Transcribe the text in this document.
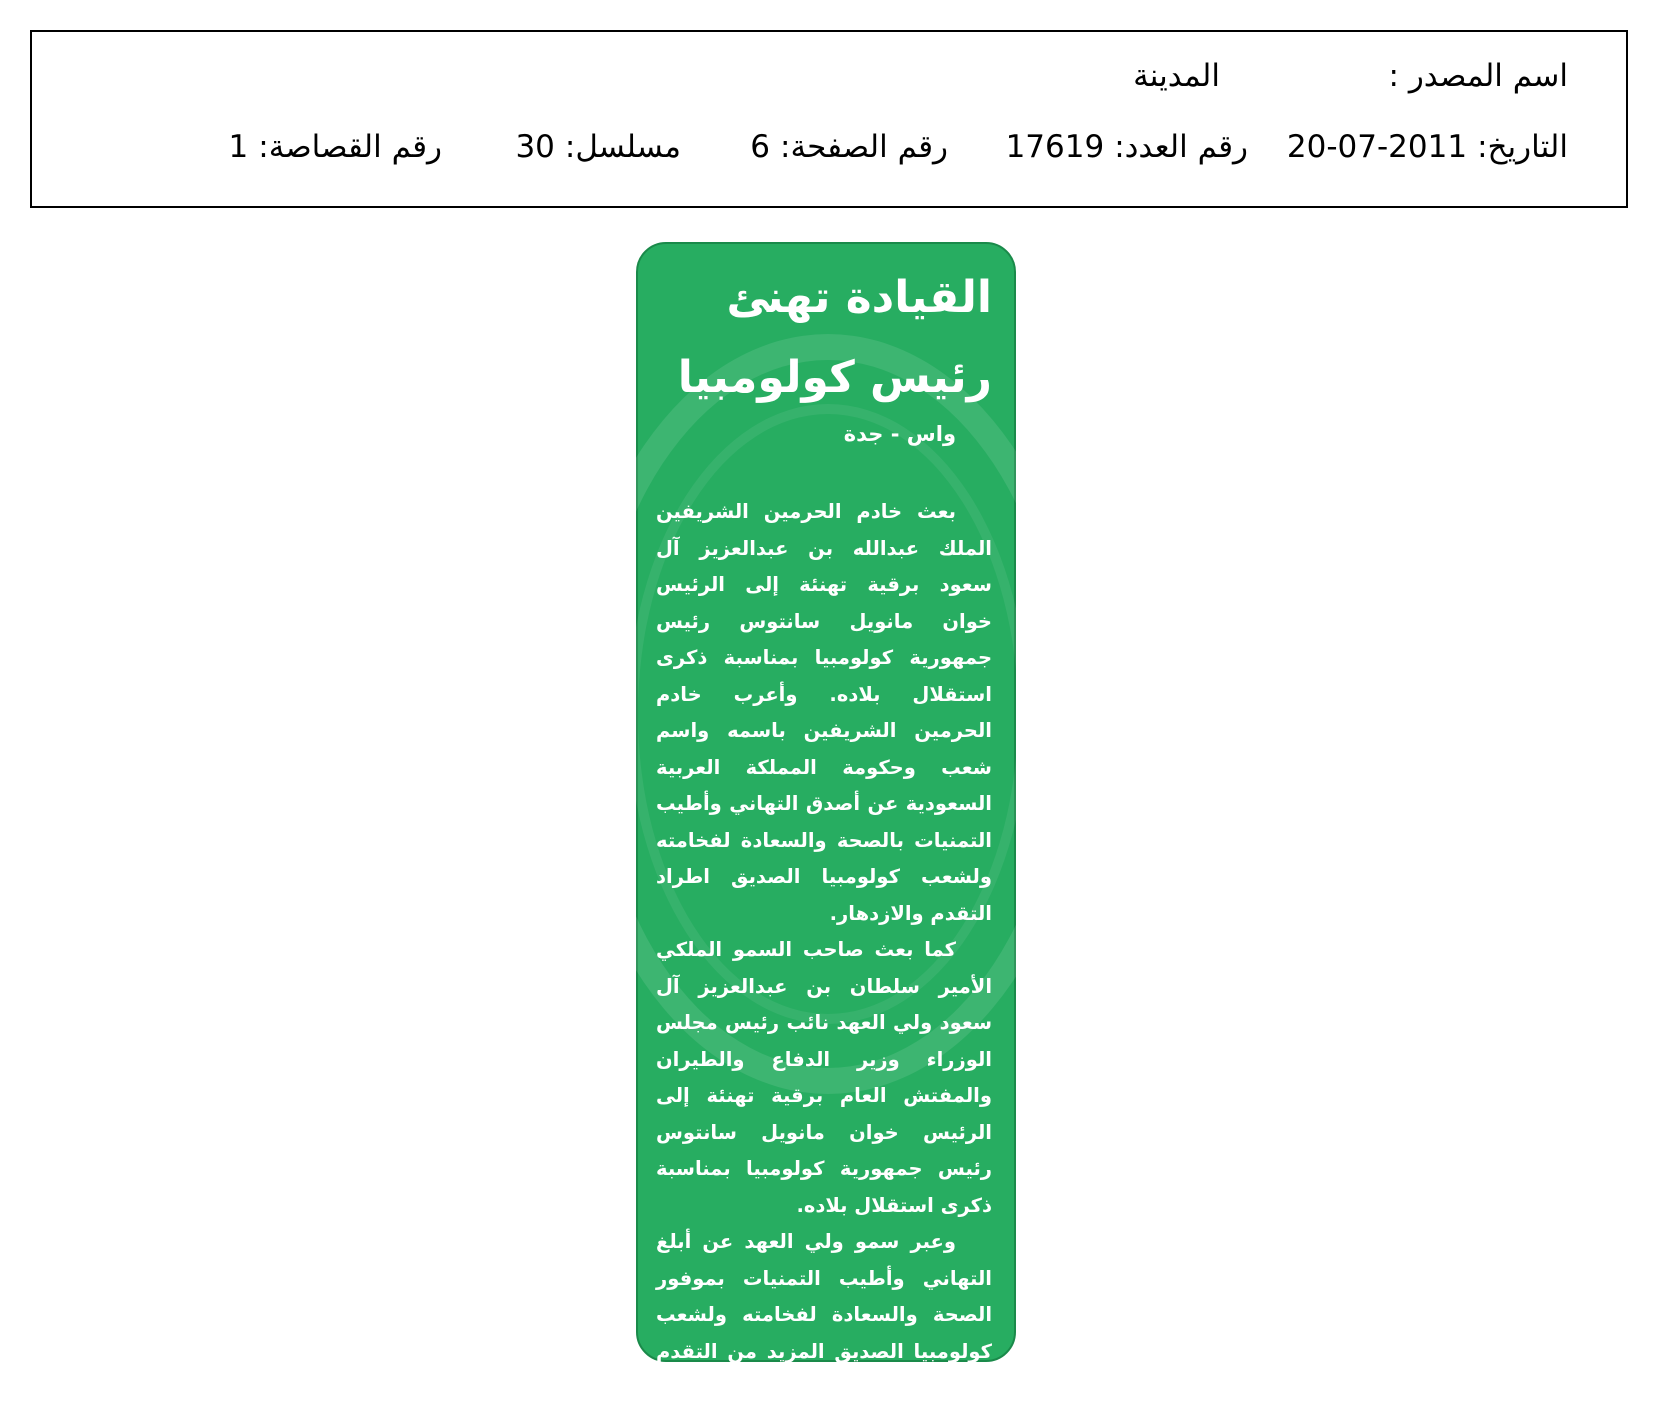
اسم المصدر :
المدينة
التاريخ:2011-07-20
رقم العدد:17619
رقم الصفحة:6
مسلسل:30
رقم القصاصة:1
القيادة تهنئ
رئيس كولومبيا
واس - جدة

بعث خادم الحرمين الشريفين الملك عبدالله بن عبدالعزيز آل سعود برقية تهنئة إلى الرئيس خوان مانويل سانتوس رئيس جمهورية كولومبيا بمناسبة ذكرى استقلال بلاده. وأعرب خادم الحرمين الشريفين باسمه واسم شعب وحكومة المملكة العربية السعودية عن أصدق التهاني وأطيب التمنيات بالصحة والسعادة لفخامته ولشعب كولومبيا الصديق اطراد التقدم والازدهار.

كما بعث صاحب السمو الملكي الأمير سلطان بن عبدالعزيز آل سعود ولي العهد نائب رئيس مجلس الوزراء وزير الدفاع والطيران والمفتش العام برقية تهنئة إلى الرئيس خوان مانويل سانتوس رئيس جمهورية كولومبيا بمناسبة ذكرى استقلال بلاده.

وعبر سمو ولي العهد عن أبلغ التهاني وأطيب التمنيات بموفور الصحة والسعادة لفخامته ولشعب كولومبيا الصديق المزيد من التقدم والازدهار.
